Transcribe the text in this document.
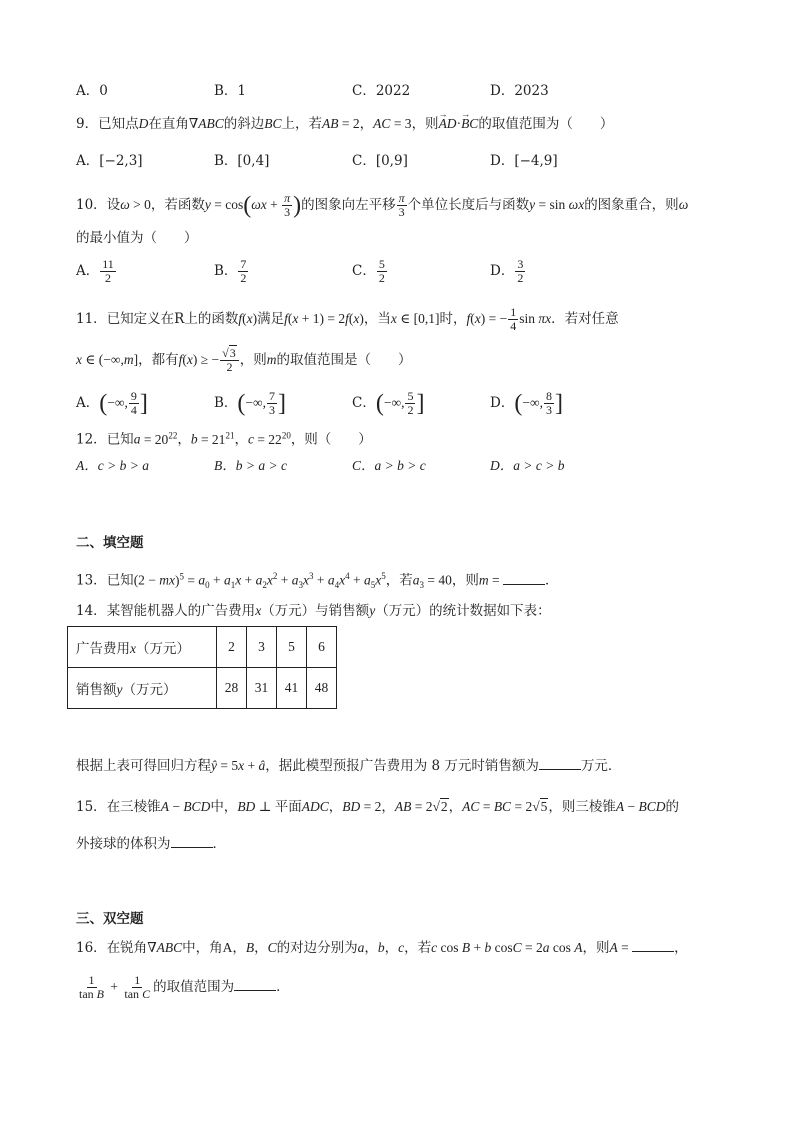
A．0	B．1	C．2022	D．2023
9．已知点D在直角∇ABC的斜边BC上，若AB = 2，AC = 3，则→ AD·→ BC的取值范围为（　　）
A．[−2,3]	B．[0,4]	C．[0,9]	D．[−4,9]
10．设ω > 0，若函数$y = \cos(\omega x + \frac{\pi}{3}$ )的图象向左平移 $\frac{\pi}{3}$ 个单位长度后与函数y = sin ωx的图象重合，则ω
的最小值为（　　）
A． $\frac{11}{2}$	B． $\frac{7}{2}$	C． $\frac{5}{2}$	D． $\frac{3}{2}$
11．已知定义在R上的函数f(x)满足f(x + 1) = 2f(x)，当x ∈ [0,1]时，f(x) = − $\frac{1}{4}$ sin πx．若对任意
x ∈ (−∞,m]，都有f(x) ≥ − $\frac{√3}{2}$ ，则m的取值范围是（　　）
A．(−∞, $\frac{9}{4}$ ]	B．(−∞, $\frac{7}{3}$ ]	C．(−∞, $\frac{5}{2}$ ]	D．(−∞, $\frac{8}{3}$ ]
12．已知$a = 20^{22}$，$b = 21^{21}$，$c = 22^{20}$，则（　　）
A．c > b > a	B．b > a > c	C．a > b > c	D．a > c > b
二、填空题
13．已知$(2 - mx)^5 = a_0 + a_1x + a_2x^2 + a_3x^3 + a_4x^4 + a_5x^5$，若$a_3 = 40$，则m =	．
14．某智能机器人的广告费用x（万元）与销售额y（万元）的统计数据如下表：
广告费用x（万元）	2	3	5	6
销售额y（万元）	28	31	41	48
根据上表可得回归方程ŷ = 5x + â，据此模型预报广告费用为 8 万元时销售额为	万元．
15．在三棱锥A − BCD中，BD ⊥ 平面ADC，BD = 2，AB = 2√2，AC = BC = 2√5，则三棱锥A − BCD的
外接球的体积为	．
三、双空题
16．在锐角∇ABC中，角A，B，C的对边分别为a，b，c，若c cos B + b cosC = 2a cos A，则A =	，
$\frac{1}{\text{tan B}} + \frac{1}{\text{tan C}}$ 的取值范围为	．
